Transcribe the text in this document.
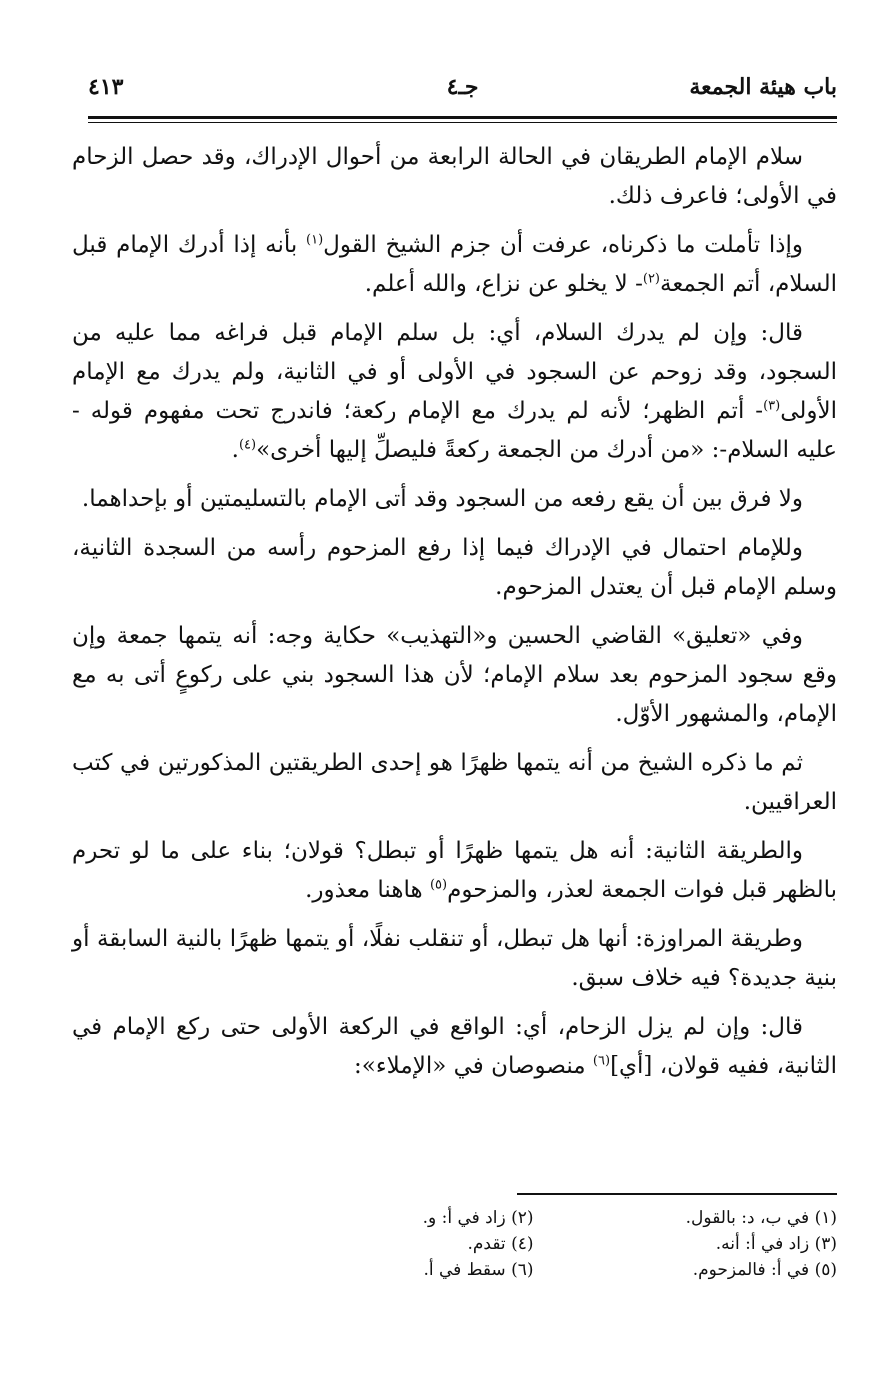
باب هيئة الجمعة
جـ٤
٤١٣

سلام الإمام الطريقان في الحالة الرابعة من أحوال الإدراك، وقد حصل الزحام في الأولى؛ فاعرف ذلك.

وإذا تأملت ما ذكرناه، عرفت أن جزم الشيخ القول$^{(١)}$ بأنه إذا أدرك الإمام قبل السلام، أتم الجمعة$^{(٢)}$- لا يخلو عن نزاع، والله أعلم.

قال: وإن لم يدرك السلام، أي: بل سلم الإمام قبل فراغه مما عليه من السجود، وقد زوحم عن السجود في الأولى أو في الثانية، ولم يدرك مع الإمام الأولى$^{(٣)}$- أتم الظهر؛ لأنه لم يدرك مع الإمام ركعة؛ فاندرج تحت مفهوم قوله - عليه السلام-: «من أدرك من الجمعة ركعةً فليصلِّ إليها أخرى»$^{(٤)}$.

ولا فرق بين أن يقع رفعه من السجود وقد أتى الإمام بالتسليمتين أو بإحداهما.

وللإمام احتمال في الإدراك فيما إذا رفع المزحوم رأسه من السجدة الثانية، وسلم الإمام قبل أن يعتدل المزحوم.

وفي «تعليق» القاضي الحسين و«التهذيب» حكاية وجه: أنه يتمها جمعة وإن وقع سجود المزحوم بعد سلام الإمام؛ لأن هذا السجود بني على ركوعٍ أتى به مع الإمام، والمشهور الأوّل.

ثم ما ذكره الشيخ من أنه يتمها ظهرًا هو إحدى الطريقتين المذكورتين في كتب العراقيين.

والطريقة الثانية: أنه هل يتمها ظهرًا أو تبطل؟ قولان؛ بناء على ما لو تحرم بالظهر قبل فوات الجمعة لعذر، والمزحوم$^{(٥)}$ هاهنا معذور.

وطريقة المراوزة: أنها هل تبطل، أو تنقلب نفلًا، أو يتمها ظهرًا بالنية السابقة أو بنية جديدة؟ فيه خلاف سبق.

قال: وإن لم يزل الزحام، أي: الواقع في الركعة الأولى حتى ركع الإمام في الثانية، ففيه قولان، [أي]$^{(٦)}$ منصوصان في «الإملاء»:

(١) في ب، د: بالقول.
(٢) زاد في أ: و.
(٣) زاد في أ: أنه.
(٤) تقدم.
(٥) في أ: فالمزحوم.
(٦) سقط في أ.
